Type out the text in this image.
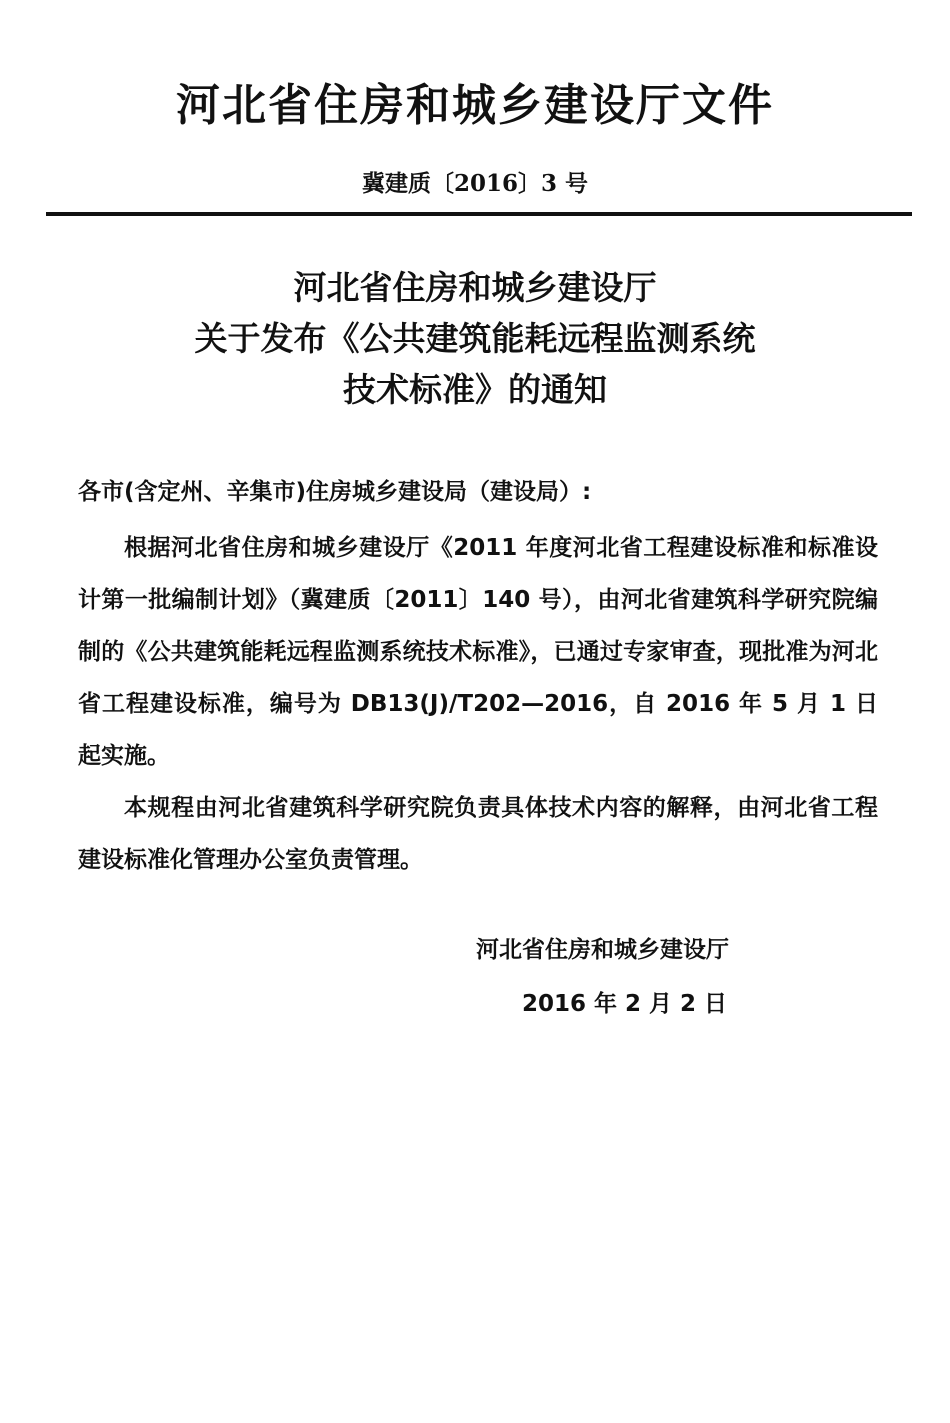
河北省住房和城乡建设厅文件
冀建质〔2016〕3 号
河北省住房和城乡建设厅
关于发布《公共建筑能耗远程监测系统
技术标准》的通知
各市(含定州、辛集市)住房城乡建设局（建设局）:

根据河北省住房和城乡建设厅《2011 年度河北省工程建设标准和标准设计第一批编制计划》（冀建质〔2011〕140 号），由河北省建筑科学研究院编制的《公共建筑能耗远程监测系统技术标准》，已通过专家审查，现批准为河北省工程建设标准，编号为 DB13(J)/T202—2016，自 2016 年 5 月 1 日起实施。

本规程由河北省建筑科学研究院负责具体技术内容的解释，由河北省工程建设标准化管理办公室负责管理。

河北省住房和城乡建设厅
2016 年 2 月 2 日
